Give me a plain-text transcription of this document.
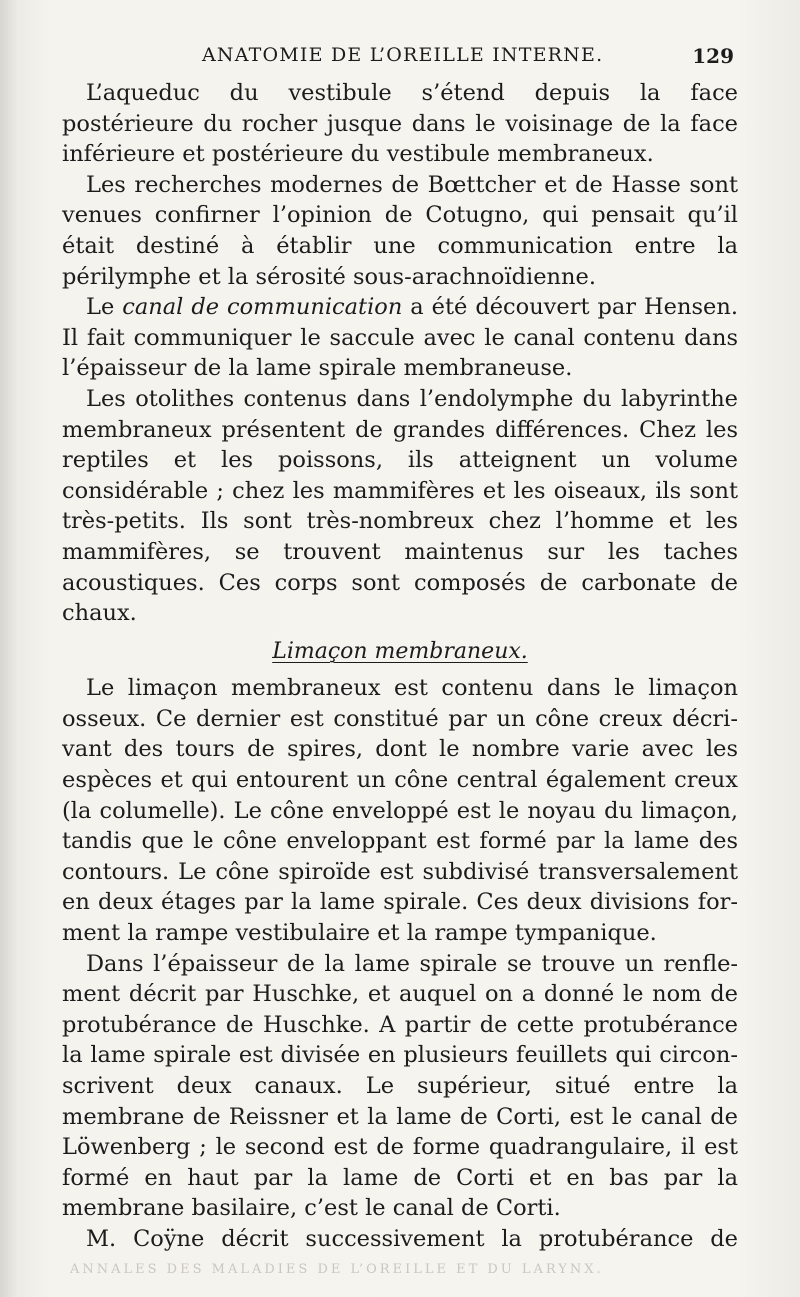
ANATOMIE DE L’OREILLE INTERNE.	129

L’aqueduc du vestibule s’étend depuis la face postérieure du rocher jusque dans le voisinage de la face inférieure et postérieure du vestibule membraneux.

Les recherches modernes de Bœttcher et de Hasse sont venues confirner l’opinion de Cotugno, qui pensait qu’il était destiné à établir une communication entre la périlymphe et la sérosité sous-arachnoïdienne.

Le canal de communication a été découvert par Hensen. Il fait communiquer le saccule avec le canal contenu dans l’épaisseur de la lame spirale membraneuse.

Les otolithes contenus dans l’endolymphe du labyrinthe membraneux présentent de grandes différences. Chez les reptiles et les poissons, ils atteignent un volume considérable ; chez les mammifères et les oiseaux, ils sont très-petits. Ils sont très-nombreux chez l’homme et les mammifères, se trouvent maintenus sur les taches acoustiques. Ces corps sont composés de carbonate de chaux.

Limaçon membraneux.

Le limaçon membraneux est contenu dans le limaçon osseux. Ce dernier est constitué par un cône creux décrivant des tours de spires, dont le nombre varie avec les espèces et qui entourent un cône central également creux (la columelle). Le cône enveloppé est le noyau du limaçon, tandis que le cône enveloppant est formé par la lame des contours. Le cône spiroïde est subdivisé transversalement en deux étages par la lame spirale. Ces deux divisions forment la rampe vestibulaire et la rampe tympanique.

Dans l’épaisseur de la lame spirale se trouve un renflement décrit par Huschke, et auquel on a donné le nom de protubérance de Huschke. A partir de cette protubérance la lame spirale est divisée en plusieurs feuillets qui circonscrivent deux canaux. Le supérieur, situé entre la membrane de Reissner et la lame de Corti, est le canal de Löwenberg ; le second est de forme quadrangulaire, il est formé en haut par la lame de Corti et en bas par la membrane basilaire, c’est le canal de Corti.

M. Coÿne décrit successivement la protubérance de

ANNALES DES MALADIES DE L’OREILLE ET DU LARYNX.
